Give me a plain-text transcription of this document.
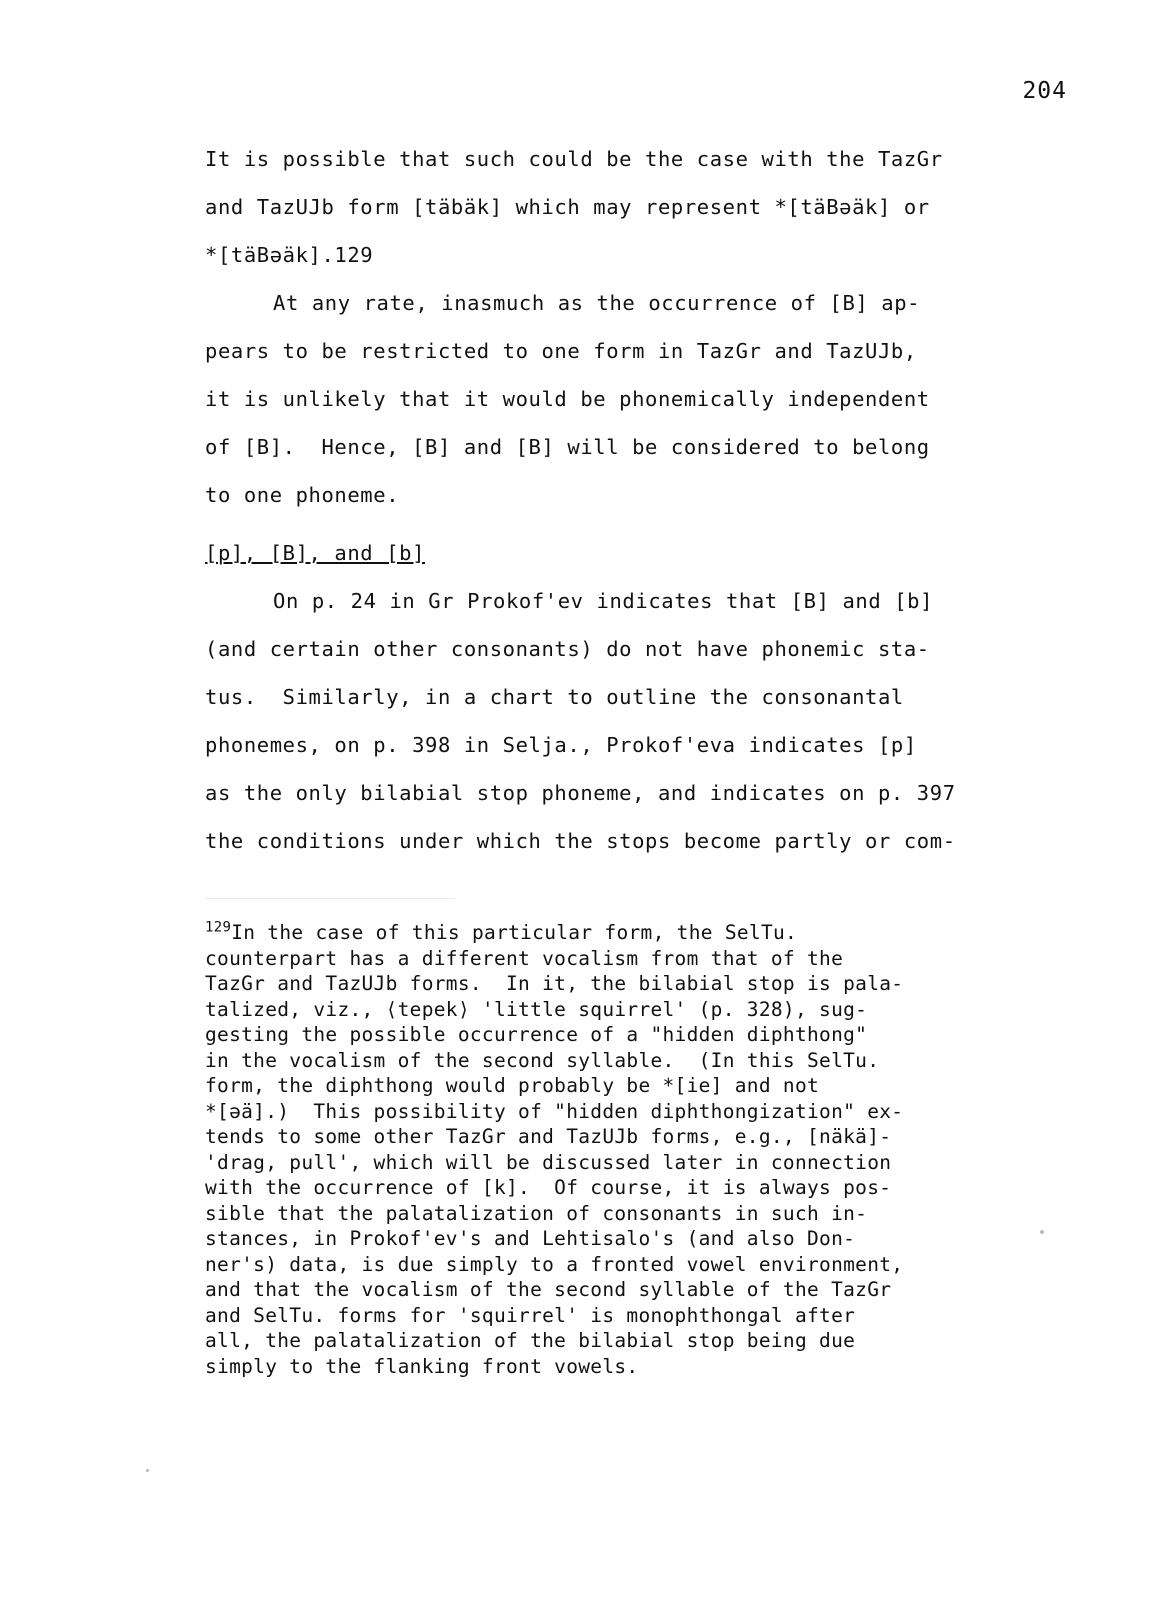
204

It is possible that such could be the case with the TazGr
and TazUJb form [täbäk] which may represent *[täBəäk] or
*[täBəäk].129

At any rate, inasmuch as the occurrence of [B] ap-
pears to be restricted to one form in TazGr and TazUJb,
it is unlikely that it would be phonemically independent
of [B].  Hence, [B] and [B] will be considered to belong
to one phoneme.

[p], [B], and [b]

On p. 24 in Gr Prokof'ev indicates that [B] and [b]
(and certain other consonants) do not have phonemic sta-
tus.  Similarly, in a chart to outline the consonantal
phonemes, on p. 398 in Selja., Prokof'eva indicates [p]
as the only bilabial stop phoneme, and indicates on p. 397
the conditions under which the stops become partly or com-

$^{129}$In the case of this particular form, the SelTu.
counterpart has a different vocalism from that of the
TazGr and TazUJb forms.  In it, the bilabial stop is pala-
talized, viz., ⟨tepek⟩ 'little squirrel' (p. 328), sug-
gesting the possible occurrence of a "hidden diphthong"
in the vocalism of the second syllable.  (In this SelTu.
form, the diphthong would probably be *[ie] and not
*[əä].)  This possibility of "hidden diphthongization" ex-
tends to some other TazGr and TazUJb forms, e.g., [näkä]-
'drag, pull', which will be discussed later in connection
with the occurrence of [k].  Of course, it is always pos-
sible that the palatalization of consonants in such in-
stances, in Prokof'ev's and Lehtisalo's (and also Don-
ner's) data, is due simply to a fronted vowel environment,
and that the vocalism of the second syllable of the TazGr
and SelTu. forms for 'squirrel' is monophthongal after
all, the palatalization of the bilabial stop being due
simply to the flanking front vowels.
